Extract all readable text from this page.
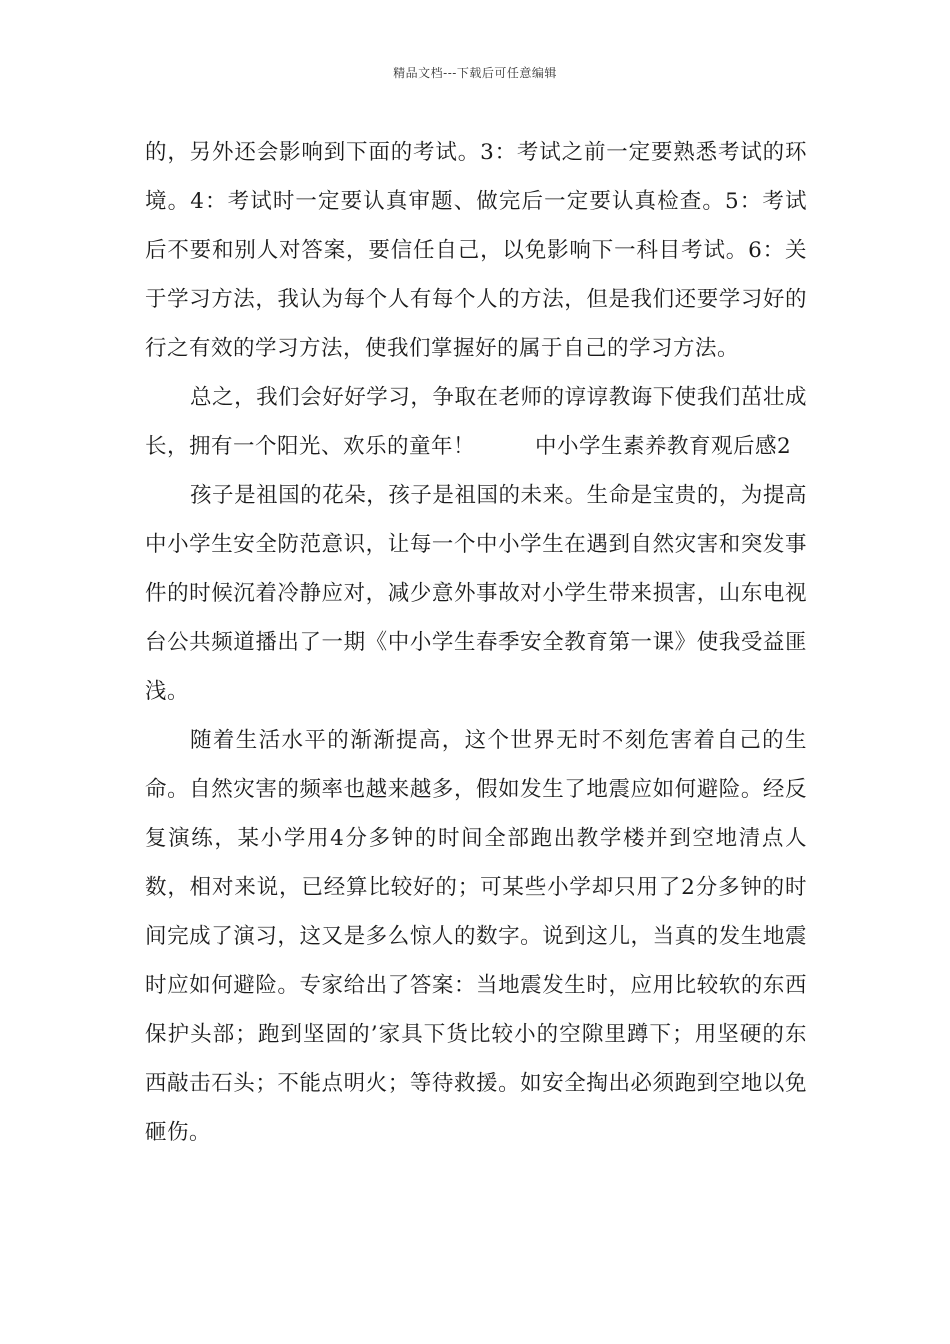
精品文档---下载后可任意编辑

的，另外还会影响到下面的考试。3：考试之前一定要熟悉考试的环境。4：考试时一定要认真审题、做完后一定要认真检查。5：考试后不要和别人对答案，要信任自己，以免影响下一科目考试。6：关于学习方法，我认为每个人有每个人的方法，但是我们还要学习好的行之有效的学习方法，使我们掌握好的属于自己的学习方法。

总之，我们会好好学习，争取在老师的谆谆教诲下使我们茁壮成长，拥有一个阳光、欢乐的童年！	中小学生素养教育观后感2

孩子是祖国的花朵，孩子是祖国的未来。生命是宝贵的，为提高中小学生安全防范意识，让每一个中小学生在遇到自然灾害和突发事件的时候沉着冷静应对，减少意外事故对小学生带来损害，山东电视台公共频道播出了一期《中小学生春季安全教育第一课》使我受益匪浅。

随着生活水平的渐渐提高，这个世界无时不刻危害着自己的生命。自然灾害的频率也越来越多，假如发生了地震应如何避险。经反复演练，某小学用4分多钟的时间全部跑出教学楼并到空地清点人数，相对来说，已经算比较好的；可某些小学却只用了2分多钟的时间完成了演习，这又是多么惊人的数字。说到这儿，当真的发生地震时应如何避险。专家给出了答案：当地震发生时，应用比较软的东西保护头部；跑到坚固的’家具下货比较小的空隙里蹲下；用坚硬的东西敲击石头；不能点明火；等待救援。如安全掏出必须跑到空地以免砸伤。
